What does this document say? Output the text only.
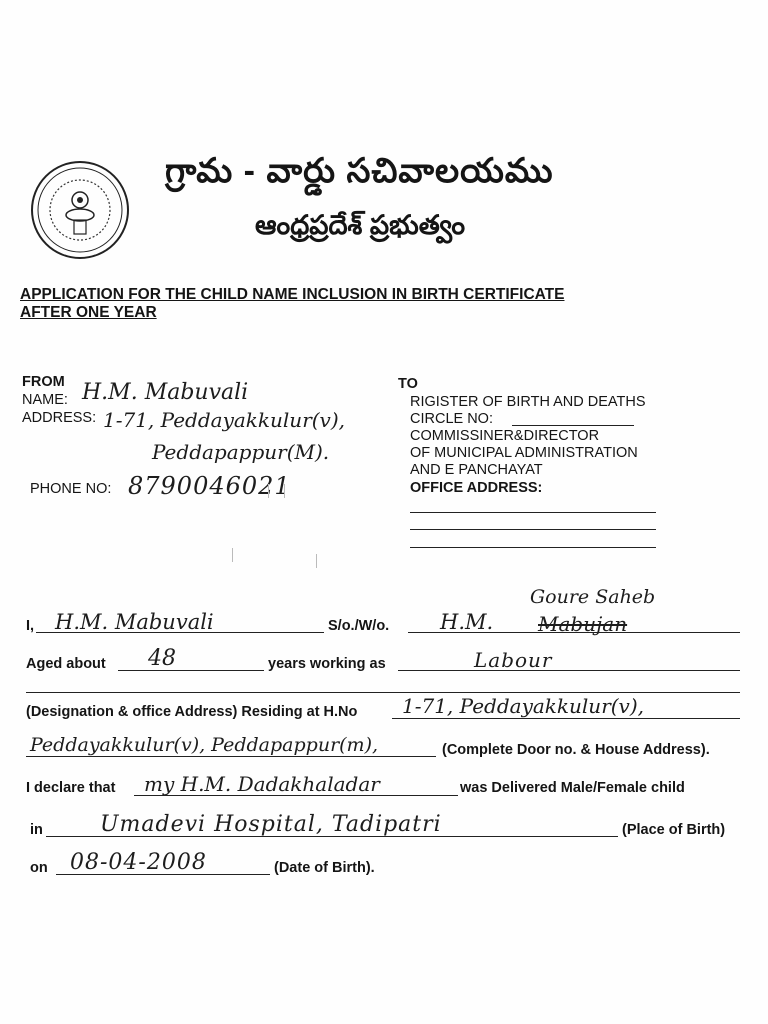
గ్రామ - వార్డు సచివాలయము
ఆంధ్రప్రదేశ్ ప్రభుత్వం
APPLICATION FOR THE CHILD NAME INCLUSION IN BIRTH CERTIFICATE
AFTER ONE YEAR
FROM
NAME: H.M. Mabuvali
ADDRESS: 1-71, Peddayakkulur(v),
Peddapappur(M).
PHONE NO: 8790046021
TO
RIGISTER OF BIRTH AND DEATHS
CIRCLE NO:
COMMISSINER&DIRECTOR
OF MUNICIPAL ADMINISTRATION
AND E PANCHAYAT
OFFICE ADDRESS:
I, H.M. Mabuvali	S/o./W/o.
Goure Saheb
H.M. Mabujan
Aged about 48	years working as	Labour
(Designation & office Address) Residing at H.No 1-71, Peddayakkulur(v),
Peddayakkulur(v), Peddapappur(m),	(Complete Door no. & House Address).
I declare that my H.M. Dadakhaladar	was Delivered Male/Female child
in	Umadevi Hospital, Tadipatri	(Place of Birth)
on 08-04-2008	(Date of Birth).
